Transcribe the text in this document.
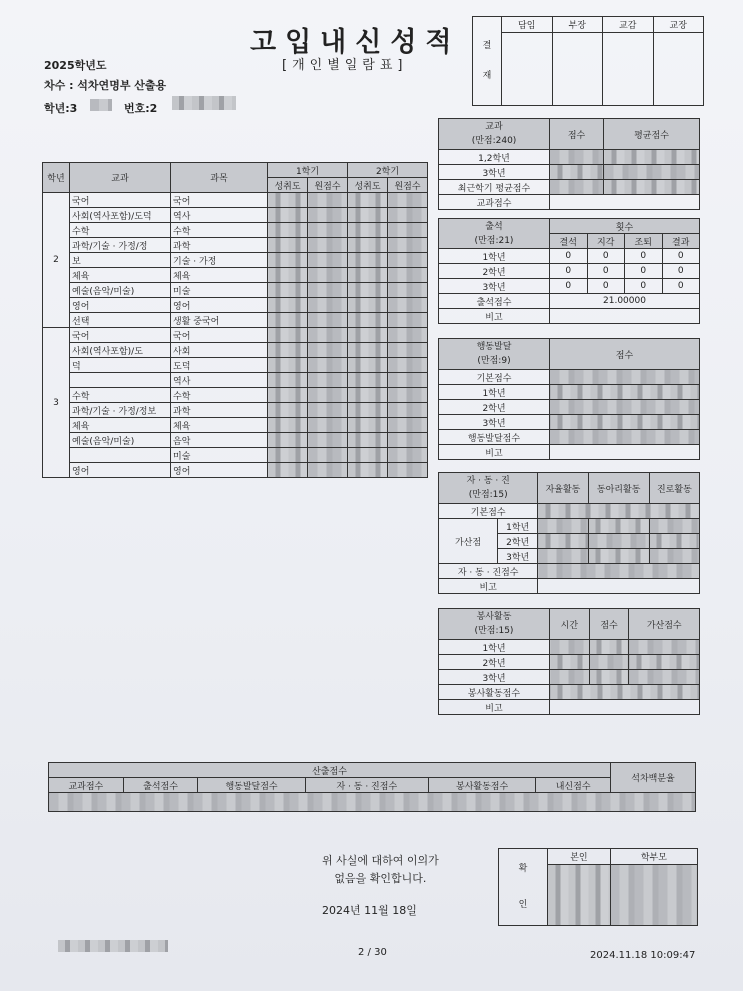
고입내신성적
[개인별일람표]
2025학년도
차수 : 석차연명부 산출용
학년:3	번호:2
결
재	담임	부장	교감	교장

학년	교과	과목	1학기		2학기	
			성취도	원점수	성취도	원점수
2	국어	국어				
	사회(역사포함)/도덕	역사				
	수학	수학				
	과학/기술 · 가정/정	과학				
	보	기술 · 가정				
	체육	체육				
	예술(음악/미술)	미술				
	영어	영어				
	선택	생활 중국어				
3	국어	국어				
	사회(역사포함)/도	사회				
	덕	도덕				
		역사				
	수학	수학				
	과학/기술 · 가정/정보	과학				
	체육	체육				
	예술(음악/미술)	음악				
		미술				
	영어	영어				
교과
(만점:240)	점수	평균점수
1,2학년		
3학년		
최근학기 평균점수		
교과점수		
출석
(만점:21)	횟수			
	결석	지각	조퇴	결과
1학년	0	0	0	0
2학년	0	0	0	0
3학년	0	0	0	0
출석점수	21.00000			
비고				
행동발달
(만점:9)	점수
기본점수	
1학년	
2학년	
3학년	
행동발달점수	
비고	
자 · 동 · 진
(만점:15)		자율활동	동아리활동	진로활동
기본점수				
가산점	1학년			
	2학년			
	3학년			
자 · 동 · 진점수				
비고				
봉사활동
(만점:15)	시간	점수	가산점수
1학년			
2학년			
3학년			
봉사활동점수			
비고			
산출점수						석차백분율
교과점수	출석점수	행동발달점수	자 · 동 · 진점수	봉사활동점수	내신점수	

위 사실에 대하여 이의가
없음을 확인합니다.
2024년 11월 18일
확
인	본인	학부모

2 / 30	2024.11.18 10:09:47
